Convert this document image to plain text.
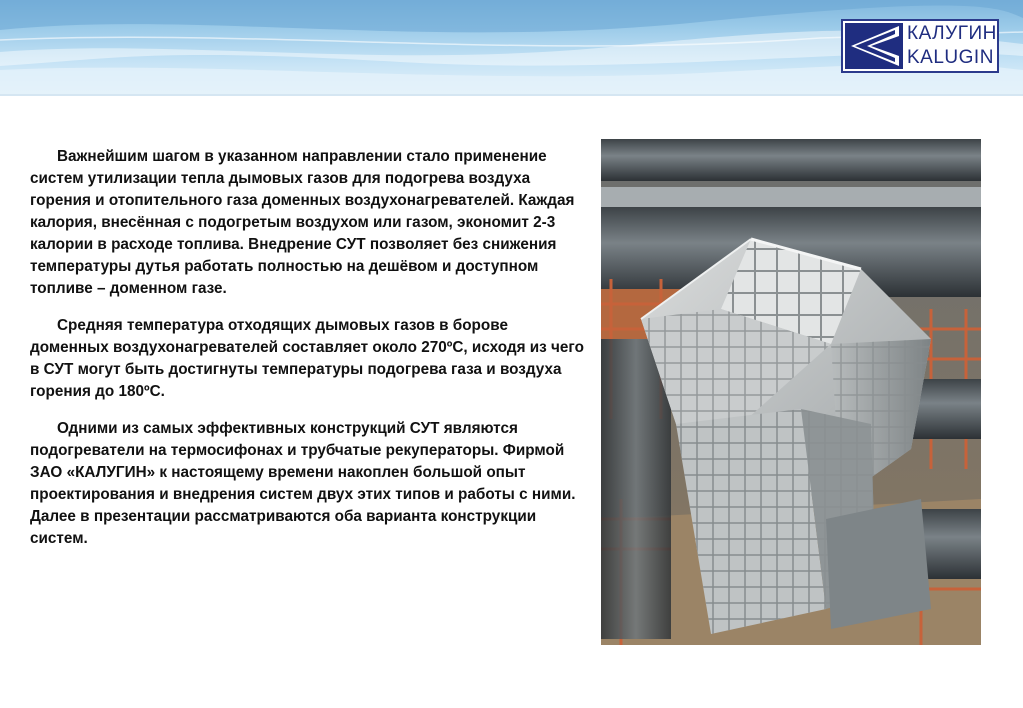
КАЛУГИН
KALUGIN

Важнейшим шагом в указанном направлении стало применение систем утилизации тепла дымовых газов для подогрева воздуха горения и отопительного газа доменных воздухонагревателей. Каждая калория, внесённая с подогретым воздухом или газом, экономит 2-3 калории в расходе топлива. Внедрение СУТ позволяет без снижения температуры дутья работать полностью на дешёвом и доступном топливе – доменном газе.

Средняя температура отходящих дымовых газов в борове доменных воздухонагревателей составляет около 270ºС, исходя из чего в СУТ могут быть достигнуты температуры подогрева газа и воздуха горения до 180ºС.

Одними из самых эффективных конструкций СУТ являются подогреватели на термосифонах и трубчатые рекуператоры. Фирмой ЗАО «КАЛУГИН» к настоящему времени накоплен большой опыт проектирования и внедрения систем двух этих типов и работы с ними. Далее в презентации рассматриваются оба варианта конструкции систем.
